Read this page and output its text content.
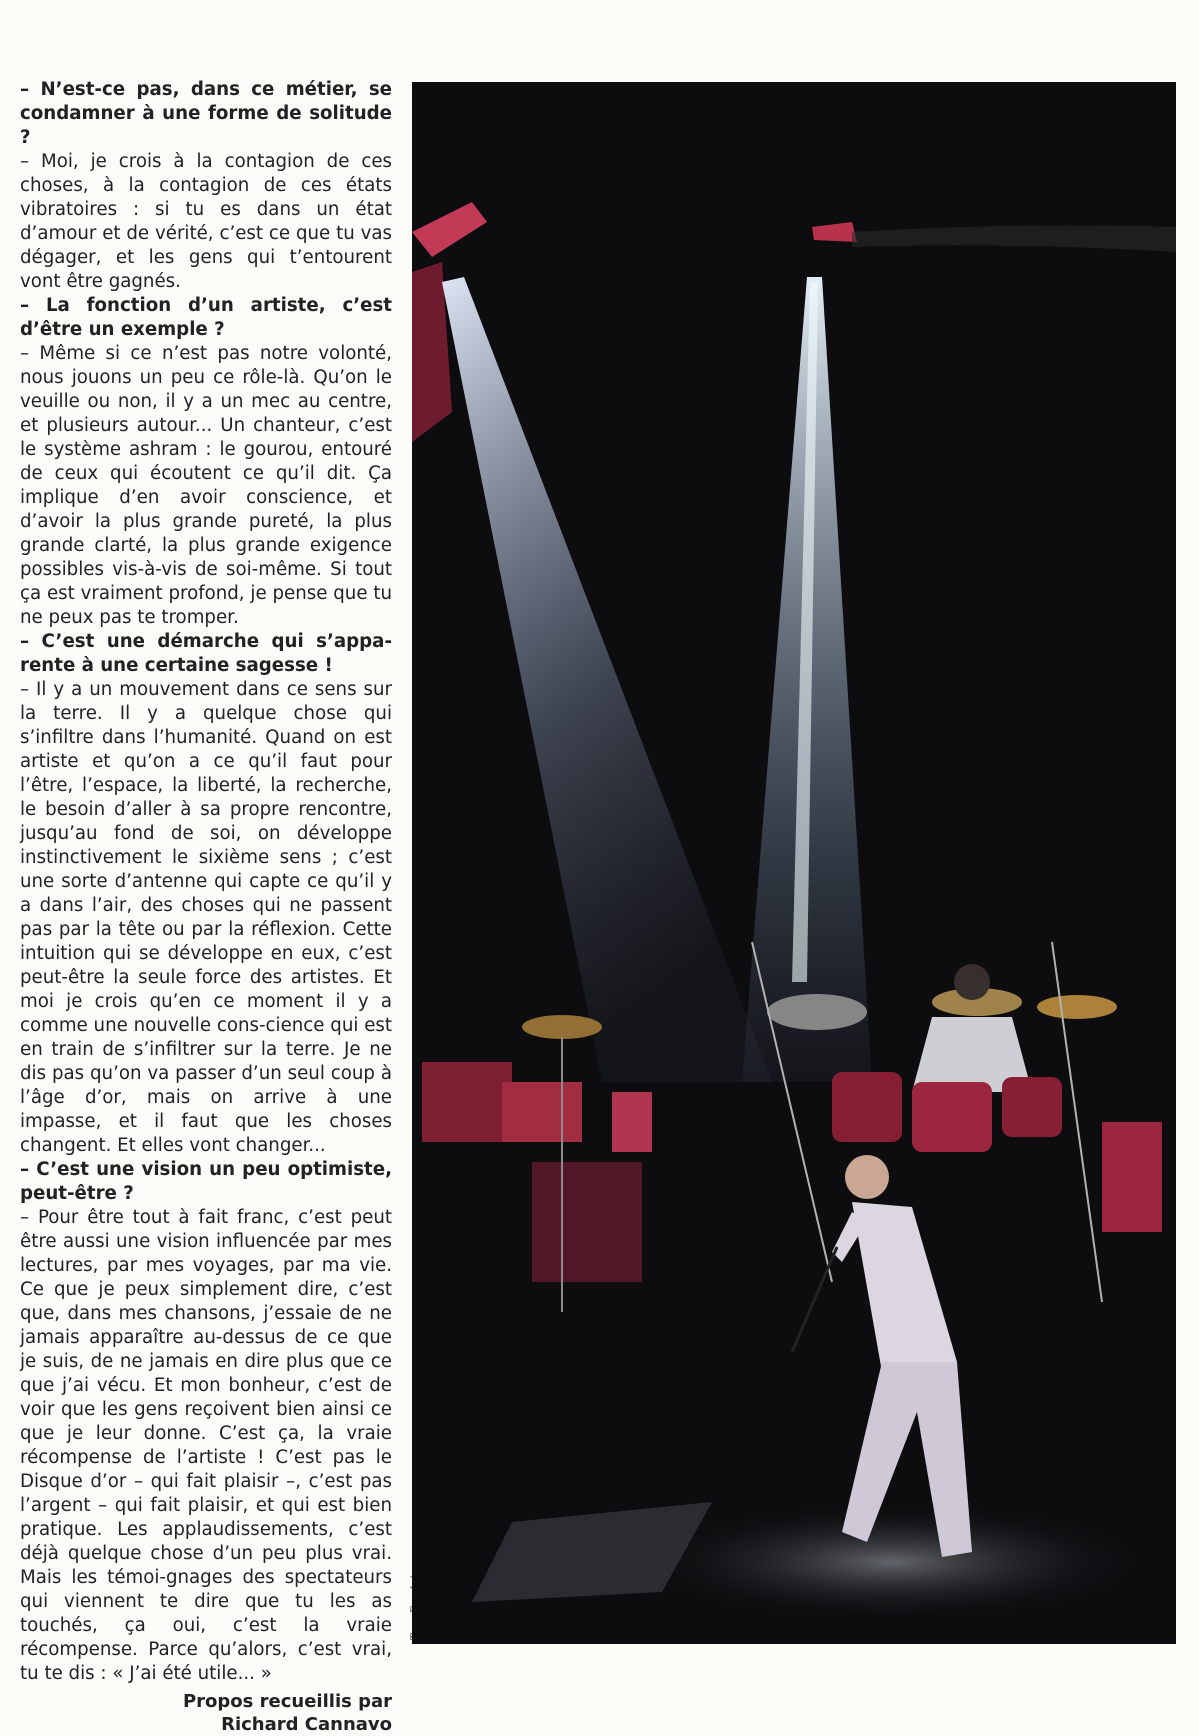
– N’est-ce pas, dans ce métier, se condamner à une forme de solitude ?

– Moi, je crois à la contagion de ces choses, à la contagion de ces états vibratoires : si tu es dans un état d’amour et de vérité, c’est ce que tu vas dégager, et les gens qui t’entourent vont être gagnés.

– La fonction d’un artiste, c’est d’être un exemple ?

– Même si ce n’est pas notre volonté, nous jouons un peu ce rôle-là. Qu’on le veuille ou non, il y a un mec au centre, et plusieurs autour... Un chanteur, c’est le système ashram : le gourou, entouré de ceux qui écoutent ce qu’il dit. Ça implique d’en avoir conscience, et d’avoir la plus grande pureté, la plus grande clarté, la plus grande exigence possibles vis-à-vis de soi-même. Si tout ça est vraiment profond, je pense que tu ne peux pas te tromper.

– C’est une démarche qui s’appa-rente à une certaine sagesse !

– Il y a un mouvement dans ce sens sur la terre. Il y a quelque chose qui s’infiltre dans l’humanité. Quand on est artiste et qu’on a ce qu’il faut pour l’être, l’espace, la liberté, la recherche, le besoin d’aller à sa propre rencontre, jusqu’au fond de soi, on développe instinctivement le sixième sens ; c’est une sorte d’antenne qui capte ce qu’il y a dans l’air, des choses qui ne passent pas par la tête ou par la réflexion. Cette intuition qui se développe en eux, c’est peut-être la seule force des artistes. Et moi je crois qu’en ce moment il y a comme une nouvelle cons-cience qui est en train de s’infiltrer sur la terre. Je ne dis pas qu’on va passer d’un seul coup à l’âge d’or, mais on arrive à une impasse, et il faut que les choses changent. Et elles vont changer...

– C’est une vision un peu optimiste, peut-être ?

– Pour être tout à fait franc, c’est peut être aussi une vision influencée par mes lectures, par mes voyages, par ma vie. Ce que je peux simplement dire, c’est que, dans mes chansons, j’essaie de ne jamais apparaître au-dessus de ce que je suis, de ne jamais en dire plus que ce que j’ai vécu. Et mon bonheur, c’est de voir que les gens reçoivent bien ainsi ce que je leur donne. C’est ça, la vraie récompense de l’artiste ! C’est pas le Disque d’or – qui fait plaisir –, c’est pas l’argent – qui fait plaisir, et qui est bien pratique. Les applaudissements, c’est déjà quelque chose d’un peu plus vrai. Mais les témoi-gnages des spectateurs qui viennent te dire que tu les as touchés, ça oui, c’est la vraie récompense. Parce qu’alors, c’est vrai, tu te dis : « J’ai été utile... »

Propos recueillis par
Richard Cannavo
